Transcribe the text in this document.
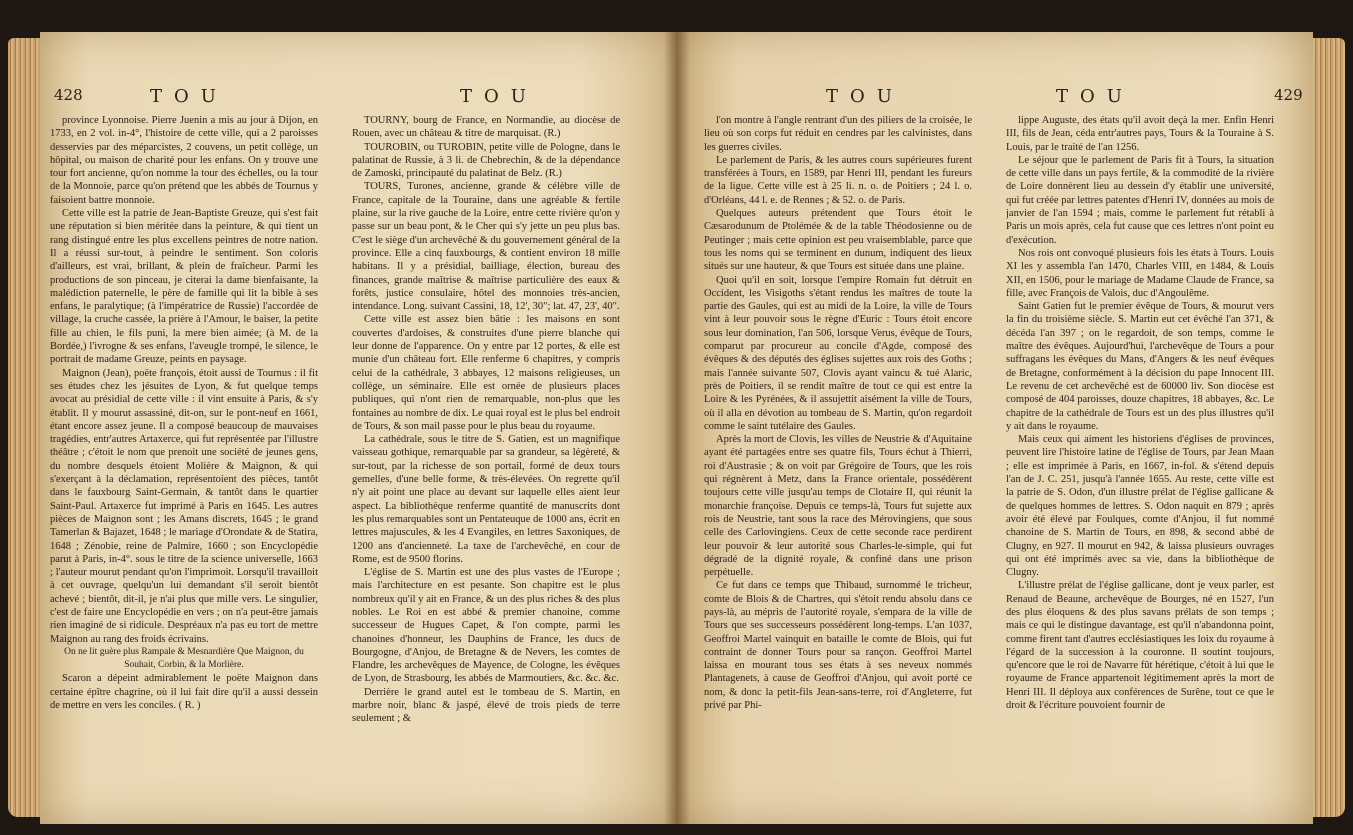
428	TOU	TOU

province Lyonnoise. Pierre Juenin a mis au jour à Dijon, en 1733, en 2 vol. in-4°, l'histoire de cette ville, qui a 2 paroisses desservies par des méparcistes, 2 couvens, un petit collège, un hôpital, ou maison de charité pour les enfans. On y trouve une tour fort ancienne, qu'on nomme la tour des échelles, ou la tour de la Monnoie, parce qu'on prétend que les abbés de Tournus y faisoient battre monnoie.

Cette ville est la patrie de Jean-Baptiste Greuze, qui s'est fait une réputation si bien méritée dans la peinture, & qui tient un rang distingué entre les plus excellens peintres de notre nation. Il a réussi sur-tout, à peindre le sentiment. Son coloris d'ailleurs, est vrai, brillant, & plein de fraîcheur. Parmi les productions de son pinceau, je citerai la dame bienfaisante, la malédiction paternelle, le père de famille qui lit la bible à ses enfans, le paralytique; (à l'impératrice de Russie) l'accordée de village, la cruche cassée, la prière à l'Amour, le baiser, la petite fille au chien, le fils puni, la mere bien aimée; (à M. de la Bordée,) l'ivrogne & ses enfans, l'aveugle trompé, le silence, le portrait de madame Greuze, peints en paysage.

Maignon (Jean), poëte françois, étoit aussi de Tournus : il fit ses études chez les jésuites de Lyon, & fut quelque temps avocat au présidial de cette ville : il vint ensuite à Paris, & s'y établit. Il y mourut assassiné, dit-on, sur le pont-neuf en 1661, étant encore assez jeune. Il a composé beaucoup de mauvaises tragédies, entr'autres Artaxerce, qui fut représentée par l'illustre théâtre ; c'étoit le nom que prenoit une société de jeunes gens, du nombre desquels étoient Molière & Maignon, & qui s'exerçant à la déclamation, représentoient des pièces, tantôt dans le fauxbourg Saint-Germain, & tantôt dans le quartier Saint-Paul. Artaxerce fut imprimé à Paris en 1645. Les autres pièces de Maignon sont ; les Amans discrets, 1645 ; le grand Tamerlan & Bajazet, 1648 ; le mariage d'Orondate & de Statira, 1648 ; Zénobie, reine de Palmire, 1660 ; son Encyclopédie parut à Paris, in-4°. sous le titre de la science universelle, 1663 ; l'auteur mourut pendant qu'on l'imprimoit. Lorsqu'il travailloit à cet ouvrage, quelqu'un lui demandant s'il seroit bientôt achevé ; bientôt, dit-il, je n'ai plus que mille vers. Le singulier, c'est de faire une Encyclopédie en vers ; on n'a peut-être jamais rien imaginé de si ridicule. Despréaux n'a pas eu tort de mettre Maignon au rang des froids écrivains.

On ne lit guère plus Rampale & Mesnardière Que Maignon, du Souhait, Corbin, & la Morlière.

Scaron a dépeint admirablement le poëte Maignon dans certaine épître chagrine, où il lui fait dire qu'il a aussi dessein de mettre en vers les conciles. ( R. )

TOURNY, bourg de France, en Normandie, au diocèse de Rouen, avec un château & titre de marquisat. (R.)

TOUROBIN, ou TUROBIN, petite ville de Pologne, dans le palatinat de Russie, à 3 li. de Chebrechin, & de la dépendance de Zamoski, principauté du palatinat de Belz. (R.)

TOURS, Turones, ancienne, grande & célèbre ville de France, capitale de la Touraine, dans une agréable & fertile plaine, sur la rive gauche de la Loire, entre cette rivière qu'on y passe sur un beau pont, & le Cher qui s'y jette un peu plus bas. C'est le siège d'un archevêché & du gouvernement général de la province. Elle a cinq fauxbourgs, & contient environ 18 mille habitans. Il y a présidial, bailliage, élection, bureau des finances, grande maîtrise & maîtrise particulière des eaux & forêts, justice consulaire, hôtel des monnoies très-ancien, intendance. Long. suivant Cassini, 18, 12', 30"; lat. 47, 23', 40".

Cette ville est assez bien bâtie : les maisons en sont couvertes d'ardoises, & construites d'une pierre blanche qui leur donne de l'apparence. On y entre par 12 portes, & elle est munie d'un château fort. Elle renferme 6 chapitres, y compris celui de la cathédrale, 3 abbayes, 12 maisons religieuses, un collège, un séminaire. Elle est ornée de plusieurs places publiques, qui n'ont rien de remarquable, non-plus que les fontaines au nombre de dix. Le quai royal est le plus bel endroit de Tours, & son mail passe pour le plus beau du royaume.

La cathédrale, sous le titre de S. Gatien, est un magnifique vaisseau gothique, remarquable par sa grandeur, sa légèreté, & sur-tout, par la richesse de son portail, formé de deux tours gemelles, d'une belle forme, & très-élevées. On regrette qu'il n'y ait point une place au devant sur laquelle elles aient leur aspect. La bibliothèque renferme quantité de manuscrits dont les plus remarquables sont un Pentateuque de 1000 ans, écrit en lettres majuscules, & les 4 Evangiles, en lettres Saxoniques, de 1200 ans d'ancienneté. La taxe de l'archevêché, en cour de Rome, est de 9500 florins.

L'église de S. Martin est une des plus vastes de l'Europe ; mais l'architecture en est pesante. Son chapitre est le plus nombreux qu'il y ait en France, & un des plus riches & des plus nobles. Le Roi en est abbé & premier chanoine, comme successeur de Hugues Capet, & l'on compte, parmi les chanoines d'honneur, les Dauphins de France, les ducs de Bourgogne, d'Anjou, de Bretagne & de Nevers, les comtes de Flandre, les archevêques de Mayence, de Cologne, les évêques de Lyon, de Strasbourg, les abbés de Marmoutiers, &c. &c. &c.

Derrière le grand autel est le tombeau de S. Martin, en marbre noir, blanc & jaspé, élevé de trois pieds de terre seulement ; &

TOU	TOU	429

l'on montre à l'angle rentrant d'un des piliers de la croisée, le lieu où son corps fut réduit en cendres par les calvinistes, dans les guerres civiles.

Le parlement de Paris, & les autres cours supérieures furent transférées à Tours, en 1589, par Henri III, pendant les fureurs de la ligue. Cette ville est à 25 li. n. o. de Poitiers ; 24 l. o. d'Orléans, 44 l. e. de Rennes ; & 52. o. de Paris.

Quelques auteurs prétendent que Tours étoit le Cæsarodunum de Ptolémée & de la table Théodosienne ou de Peutinger ; mais cette opinion est peu vraisemblable, parce que tous les noms qui se terminent en dunum, indiquent des lieux situés sur une hauteur, & que Tours est située dans une plaine.

Quoi qu'il en soit, lorsque l'empire Romain fut détruit en Occident, les Visigoths s'étant rendus les maîtres de toute la partie des Gaules, qui est au midi de la Loire, la ville de Tours vint à leur pouvoir sous le règne d'Euric : Tours étoit encore sous leur domination, l'an 506, lorsque Verus, évêque de Tours, comparut par procureur au concile d'Agde, composé des évêques & des députés des églises sujettes aux rois des Goths ; mais l'année suivante 507, Clovis ayant vaincu & tué Alaric, près de Poitiers, il se rendit maître de tout ce qui est entre la Loire & les Pyrénées, & il assujettit aisément la ville de Tours, où il alla en dévotion au tombeau de S. Martin, qu'on regardoit comme le saint tutélaire des Gaules.

Après la mort de Clovis, les villes de Neustrie & d'Aquitaine ayant été partagées entre ses quatre fils, Tours échut à Thierri, roi d'Austrasie ; & on voit par Grégoire de Tours, que les rois qui régnèrent à Metz, dans la France orientale, possédèrent toujours cette ville jusqu'au temps de Clotaire II, qui réunit la monarchie françoise. Depuis ce temps-là, Tours fut sujette aux rois de Neustrie, tant sous la race des Mérovingiens, que sous celle des Carlovingiens. Ceux de cette seconde race perdirent leur pouvoir & leur autorité sous Charles-le-simple, qui fut dégradé de la dignité royale, & confiné dans une prison perpétuelle.

Ce fut dans ce temps que Thibaud, surnommé le tricheur, comte de Blois & de Chartres, qui s'étoit rendu absolu dans ce pays-là, au mépris de l'autorité royale, s'empara de la ville de Tours que ses successeurs possédèrent long-temps. L'an 1037, Geoffroi Martel vainquit en bataille le comte de Blois, qui fut contraint de donner Tours pour sa rançon. Geoffroi Martel laissa en mourant tous ses états à ses neveux nommés Plantagenets, à cause de Geoffroi d'Anjou, qui avoit porté ce nom, & donc la petit-fils Jean-sans-terre, roi d'Angleterre, fut privé par Phi-

lippe Auguste, des états qu'il avoit deçà la mer. Enfin Henri III, fils de Jean, céda entr'autres pays, Tours & la Touraine à S. Louis, par le traité de l'an 1256.

Le séjour que le parlement de Paris fit à Tours, la situation de cette ville dans un pays fertile, & la commodité de la rivière de Loire donnèrent lieu au dessein d'y établir une université, qui fut créée par lettres patentes d'Henri IV, données au mois de janvier de l'an 1594 ; mais, comme le parlement fut rétabli à Paris un mois après, cela fut cause que ces lettres n'ont point eu d'exécution.

Nos rois ont convoqué plusieurs fois les états à Tours. Louis XI les y assembla l'an 1470, Charles VIII, en 1484, & Louis XII, en 1506, pour le mariage de Madame Claude de France, sa fille, avec François de Valois, duc d'Angoulême.

Saint Gatien fut le premier évêque de Tours, & mourut vers la fin du troisième siècle. S. Martin eut cet évêché l'an 371, & décéda l'an 397 ; on le regardoit, de son temps, comme le maître des évêques. Aujourd'hui, l'archevêque de Tours a pour suffragans les évêques du Mans, d'Angers & les neuf évêques de Bretagne, conformément à la décision du pape Innocent III. Le revenu de cet archevêché est de 60000 liv. Son diocèse est composé de 404 paroisses, douze chapitres, 18 abbayes, &c. Le chapitre de la cathédrale de Tours est un des plus illustres qu'il y ait dans le royaume.

Mais ceux qui aiment les historiens d'églises de provinces, peuvent lire l'histoire latine de l'église de Tours, par Jean Maan ; elle est imprimée à Paris, en 1667, in-fol. & s'étend depuis l'an de J. C. 251, jusqu'à l'année 1655. Au reste, cette ville est la patrie de S. Odon, d'un illustre prélat de l'église gallicane & de quelques hommes de lettres. S. Odon naquit en 879 ; après avoir été élevé par Foulques, comte d'Anjou, il fut nommé chanoine de S. Martin de Tours, en 898, & second abbé de Clugny, en 927. Il mourut en 942, & laissa plusieurs ouvrages qui ont été imprimés avec sa vie, dans la bibliothèque de Clugny.

L'illustre prélat de l'église gallicane, dont je veux parler, est Renaud de Beaune, archevêque de Bourges, né en 1527, l'un des plus éloquens & des plus savans prélats de son temps ; mais ce qui le distingue davantage, est qu'il n'abandonna point, comme firent tant d'autres ecclésiastiques les loix du royaume à l'égard de la succession à la couronne. Il soutint toujours, qu'encore que le roi de Navarre fût hérétique, c'étoit à lui que le royaume de France appartenoit légitimement après la mort de Henri III. Il déploya aux conférences de Surêne, tout ce que le droit & l'écriture pouvoient fournir de
